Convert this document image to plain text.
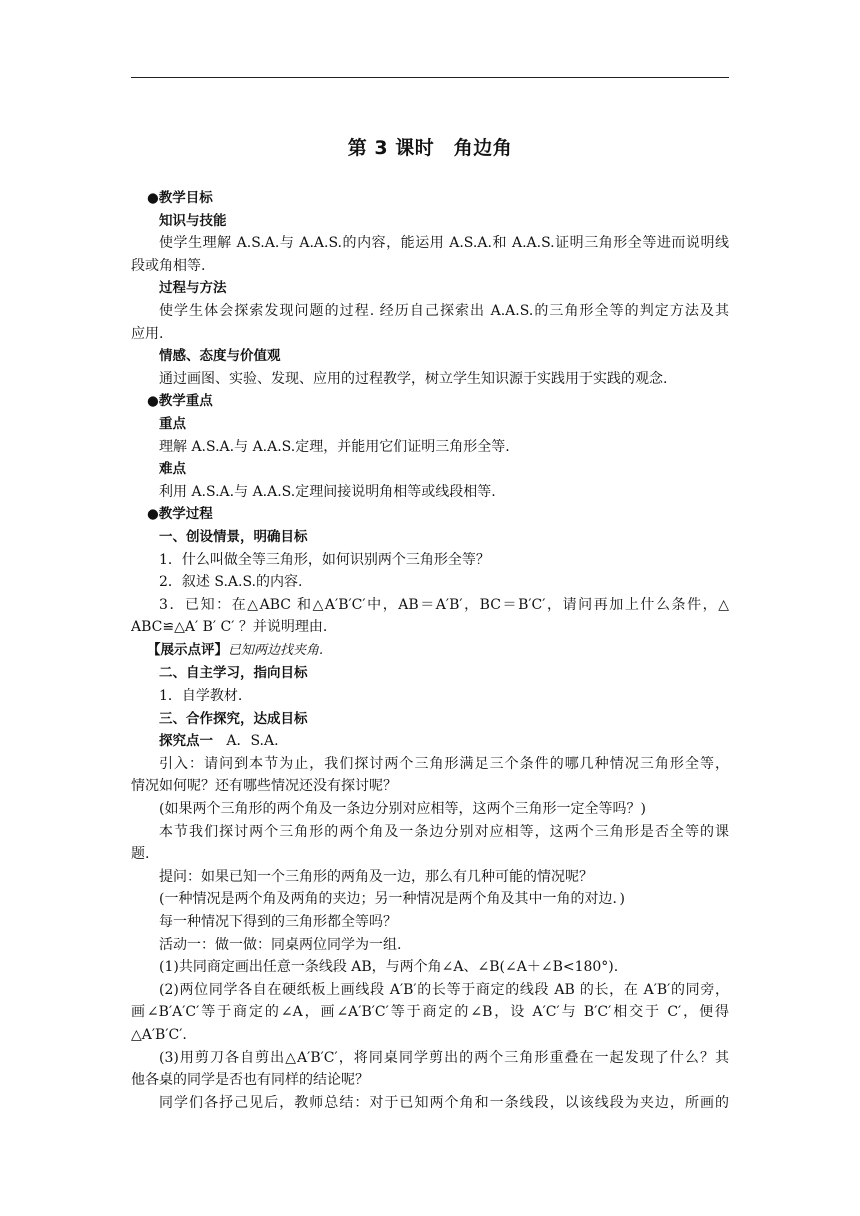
第 3 课时　角边角

●教学目标

知识与技能

使学生理解 A.S.A.与 A.A.S.的内容，能运用 A.S.A.和 A.A.S.证明三角形全等进而说明线

段或角相等.

过程与方法

使学生体会探索发现问题的过程. 经历自己探索出 A.A.S.的三角形全等的判定方法及其

应用.

情感、态度与价值观

通过画图、实验、发现、应用的过程教学，树立学生知识源于实践用于实践的观念.

●教学重点

重点

理解 A.S.A.与 A.A.S.定理，并能用它们证明三角形全等.

难点

利用 A.S.A.与 A.A.S.定理间接说明角相等或线段相等.

●教学过程

一、创设情景，明确目标

1．什么叫做全等三角形，如何识别两个三角形全等？

2．叙述 S.A.S.的内容.

3．已知：在△ABC 和△A′B′C′中，AB＝A′B′，BC＝B′C′，请问再加上什么条件，△

ABC≌△A′ B′ C′ ？并说明理由.

【展示点评】已知两边找夹角.

二、自主学习，指向目标

1．自学教材.

三、合作探究，达成目标

探究点一 A．S.A.

引入：请问到本节为止，我们探讨两个三角形满足三个条件的哪几种情况三角形全等，

情况如何呢？还有哪些情况还没有探讨呢？

(如果两个三角形的两个角及一条边分别对应相等，这两个三角形一定全等吗？)

本节我们探讨两个三角形的两个角及一条边分别对应相等，这两个三角形是否全等的课

题.

提问：如果已知一个三角形的两角及一边，那么有几种可能的情况呢？

(一种情况是两个角及两角的夹边；另一种情况是两个角及其中一角的对边．)

每一种情况下得到的三角形都全等吗？

活动一：做一做：同桌两位同学为一组.

(1)共同商定画出任意一条线段 AB，与两个角∠A、∠B(∠A＋∠B<180°).

(2)两位同学各自在硬纸板上画线段 A′B′的长等于商定的线段 AB 的长，在 A′B′的同旁，

画∠B′A′C′等于商定的∠A，画∠A′B′C′等于商定的∠B，设 A′C′与 B′C′相交于 C′，便得

△A′B′C′.

(3)用剪刀各自剪出△A′B′C′，将同桌同学剪出的两个三角形重叠在一起发现了什么？其

他各桌的同学是否也有同样的结论呢？

同学们各抒己见后，教师总结：对于已知两个角和一条线段，以该线段为夹边，所画的
